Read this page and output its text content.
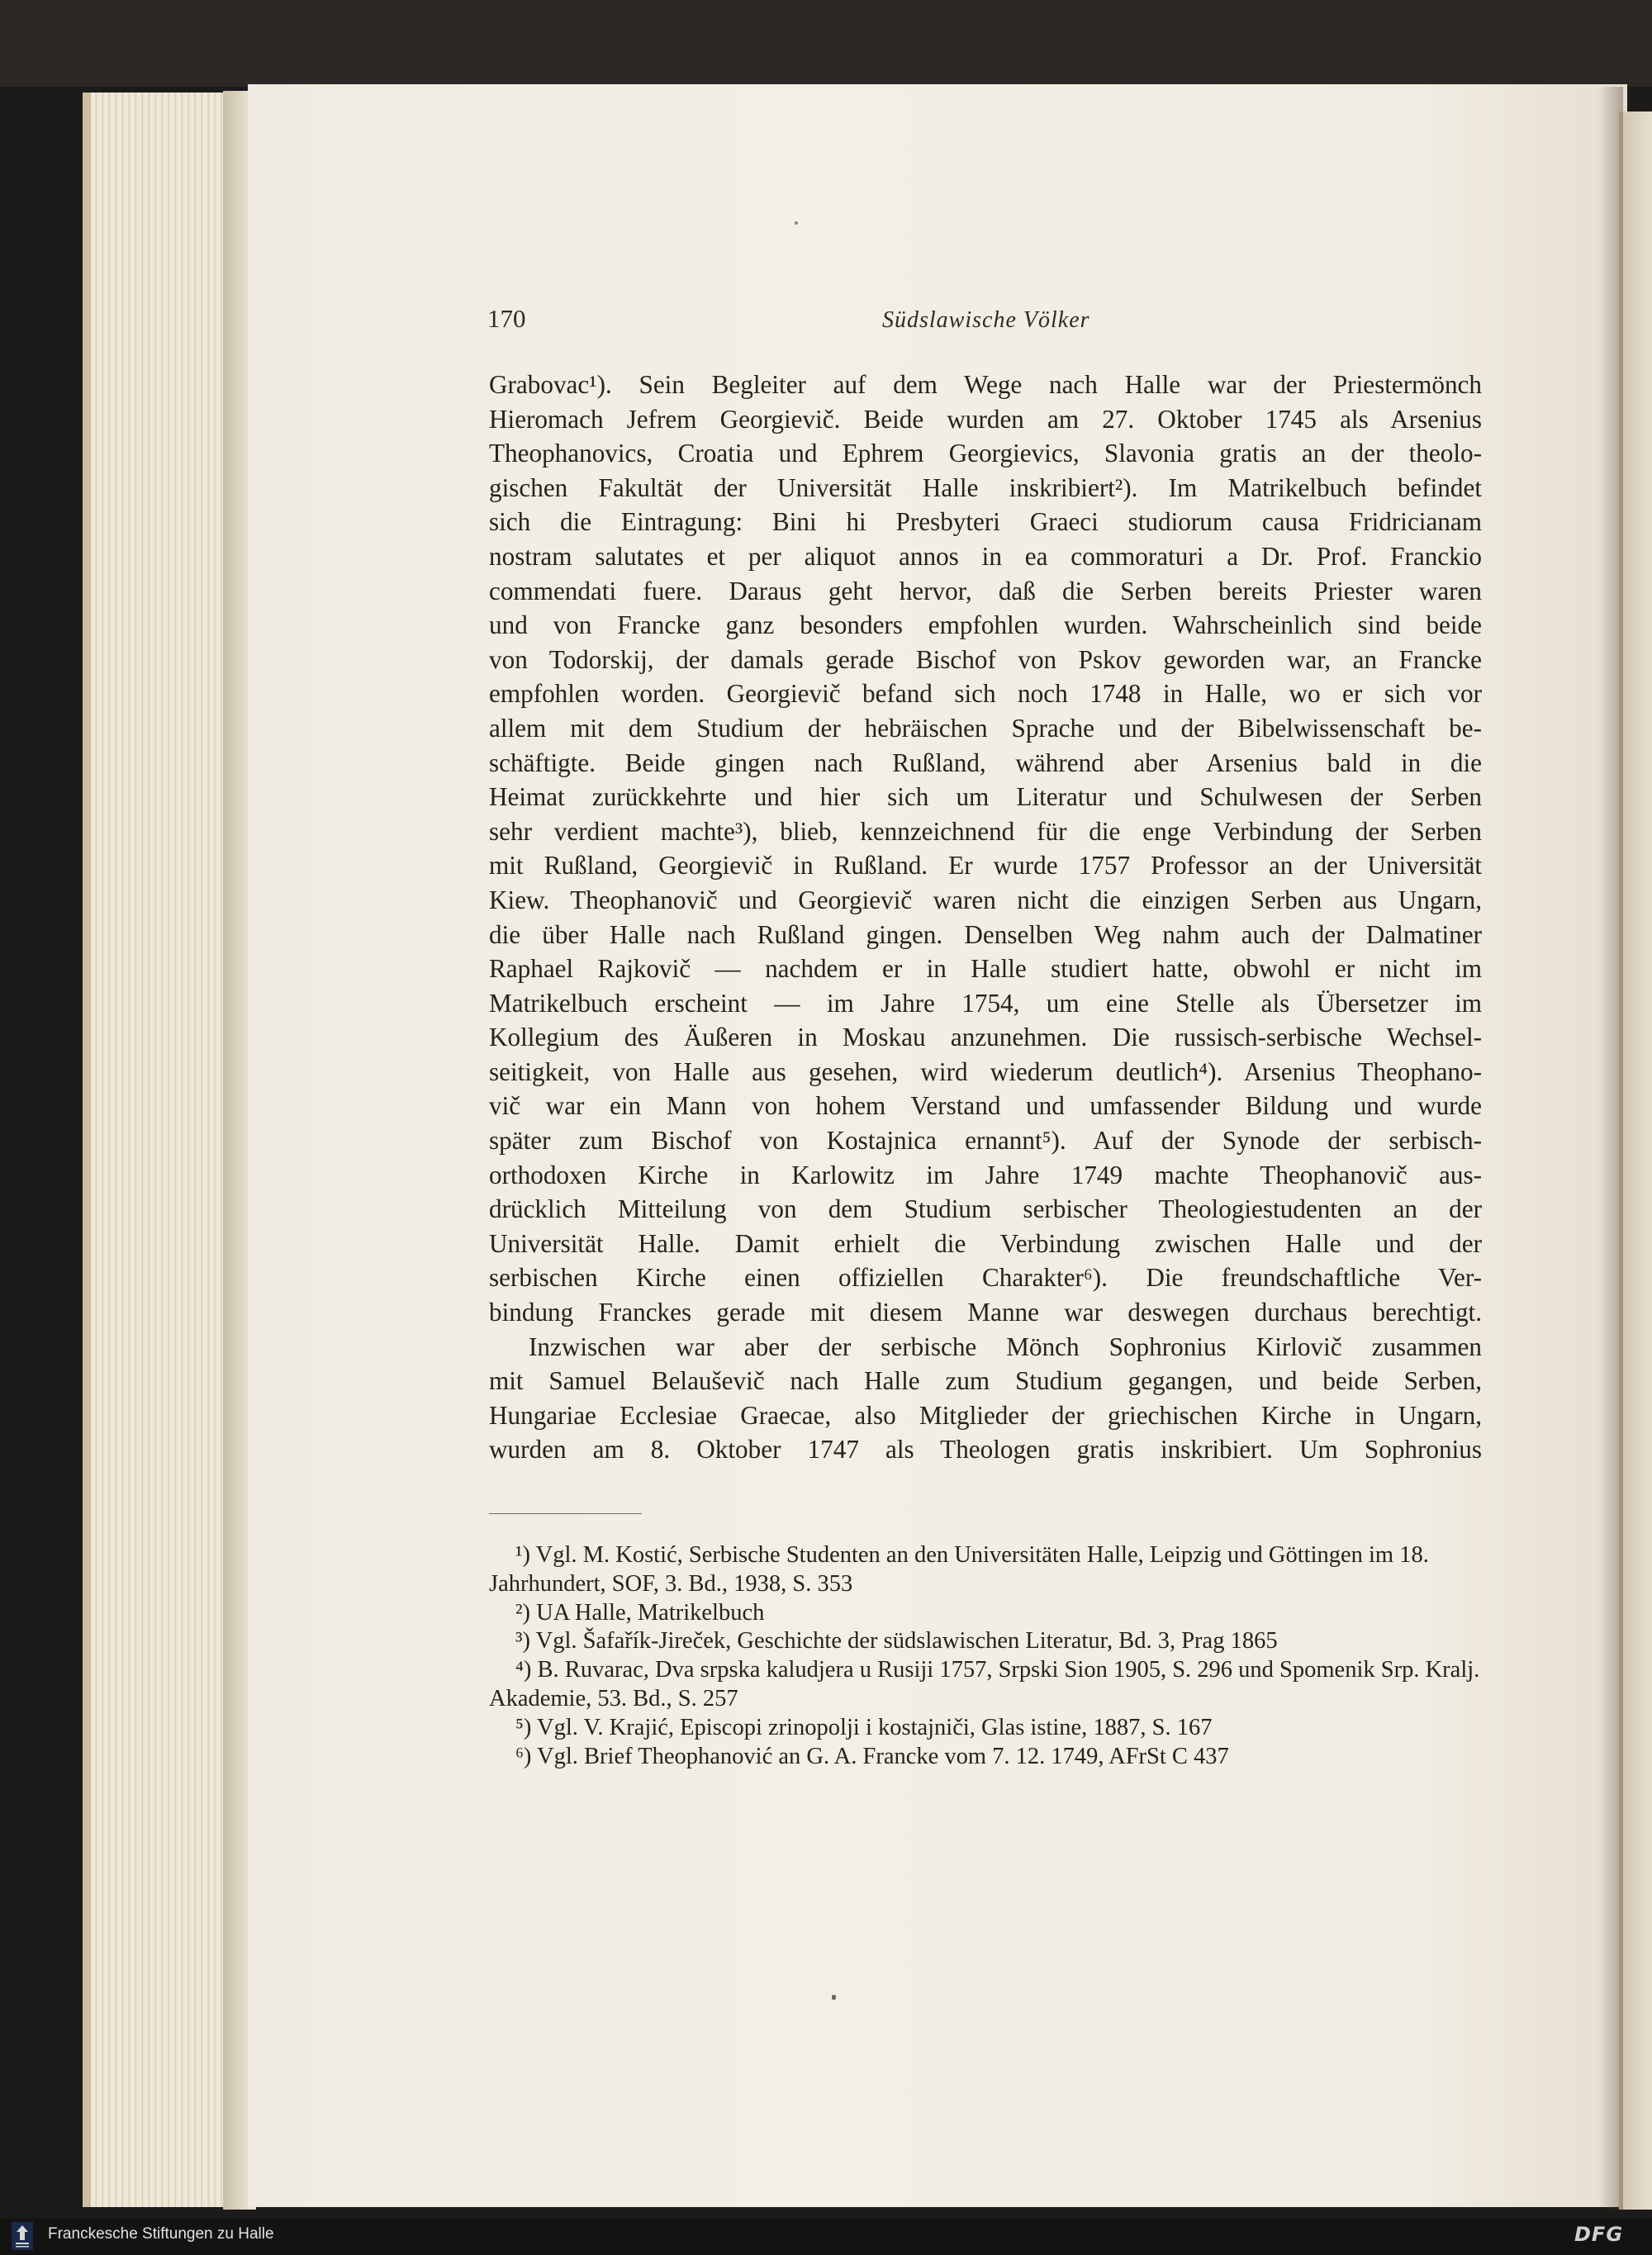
170	Südslawische Völker

Grabovac¹). Sein Begleiter auf dem Wege nach Halle war der Priestermönch
Hieromach Jefrem Georgievič. Beide wurden am 27. Oktober 1745 als Arsenius
Theophanovics, Croatia und Ephrem Georgievics, Slavonia gratis an der theolo-
gischen Fakultät der Universität Halle inskribiert²). Im Matrikelbuch befindet
sich die Eintragung: Bini hi Presbyteri Graeci studiorum causa Fridricianam
nostram salutates et per aliquot annos in ea commoraturi a Dr. Prof. Franckio
commendati fuere. Daraus geht hervor, daß die Serben bereits Priester waren
und von Francke ganz besonders empfohlen wurden. Wahrscheinlich sind beide
von Todorskij, der damals gerade Bischof von Pskov geworden war, an Francke
empfohlen worden. Georgievič befand sich noch 1748 in Halle, wo er sich vor
allem mit dem Studium der hebräischen Sprache und der Bibelwissenschaft be-
schäftigte. Beide gingen nach Rußland, während aber Arsenius bald in die
Heimat zurückkehrte und hier sich um Literatur und Schulwesen der Serben
sehr verdient machte³), blieb, kennzeichnend für die enge Verbindung der Serben
mit Rußland, Georgievič in Rußland. Er wurde 1757 Professor an der Universität
Kiew. Theophanovič und Georgievič waren nicht die einzigen Serben aus Ungarn,
die über Halle nach Rußland gingen. Denselben Weg nahm auch der Dalmatiner
Raphael Rajkovič — nachdem er in Halle studiert hatte, obwohl er nicht im
Matrikelbuch erscheint — im Jahre 1754, um eine Stelle als Übersetzer im
Kollegium des Äußeren in Moskau anzunehmen. Die russisch-serbische Wechsel-
seitigkeit, von Halle aus gesehen, wird wiederum deutlich⁴). Arsenius Theophano-
vič war ein Mann von hohem Verstand und umfassender Bildung und wurde
später zum Bischof von Kostajnica ernannt⁵). Auf der Synode der serbisch-
orthodoxen Kirche in Karlowitz im Jahre 1749 machte Theophanovič aus-
drücklich Mitteilung von dem Studium serbischer Theologiestudenten an der
Universität Halle. Damit erhielt die Verbindung zwischen Halle und der
serbischen Kirche einen offiziellen Charakter⁶). Die freundschaftliche Ver-
bindung Franckes gerade mit diesem Manne war deswegen durchaus berechtigt.

Inzwischen war aber der serbische Mönch Sophronius Kirlovič zusammen
mit Samuel Belauševič nach Halle zum Studium gegangen, und beide Serben,
Hungariae Ecclesiae Graecae, also Mitglieder der griechischen Kirche in Ungarn,
wurden am 8. Oktober 1747 als Theologen gratis inskribiert. Um Sophronius

¹) Vgl. M. Kostić, Serbische Studenten an den Universitäten Halle, Leipzig und Göttingen im 18. Jahrhundert, SOF, 3. Bd., 1938, S. 353

²) UA Halle, Matrikelbuch

³) Vgl. Šafařík-Jireček, Geschichte der südslawischen Literatur, Bd. 3, Prag 1865

⁴) B. Ruvarac, Dva srpska kaludjera u Rusiji 1757, Srpski Sion 1905, S. 296 und Spomenik Srp. Kralj. Akademie, 53. Bd., S. 257

⁵) Vgl. V. Krajić, Episcopi zrinopolji i kostajniči, Glas istine, 1887, S. 167

⁶) Vgl. Brief Theophanović an G. A. Francke vom 7. 12. 1749, AFrSt C 437

Franckesche Stiftungen zu Halle	DFG
